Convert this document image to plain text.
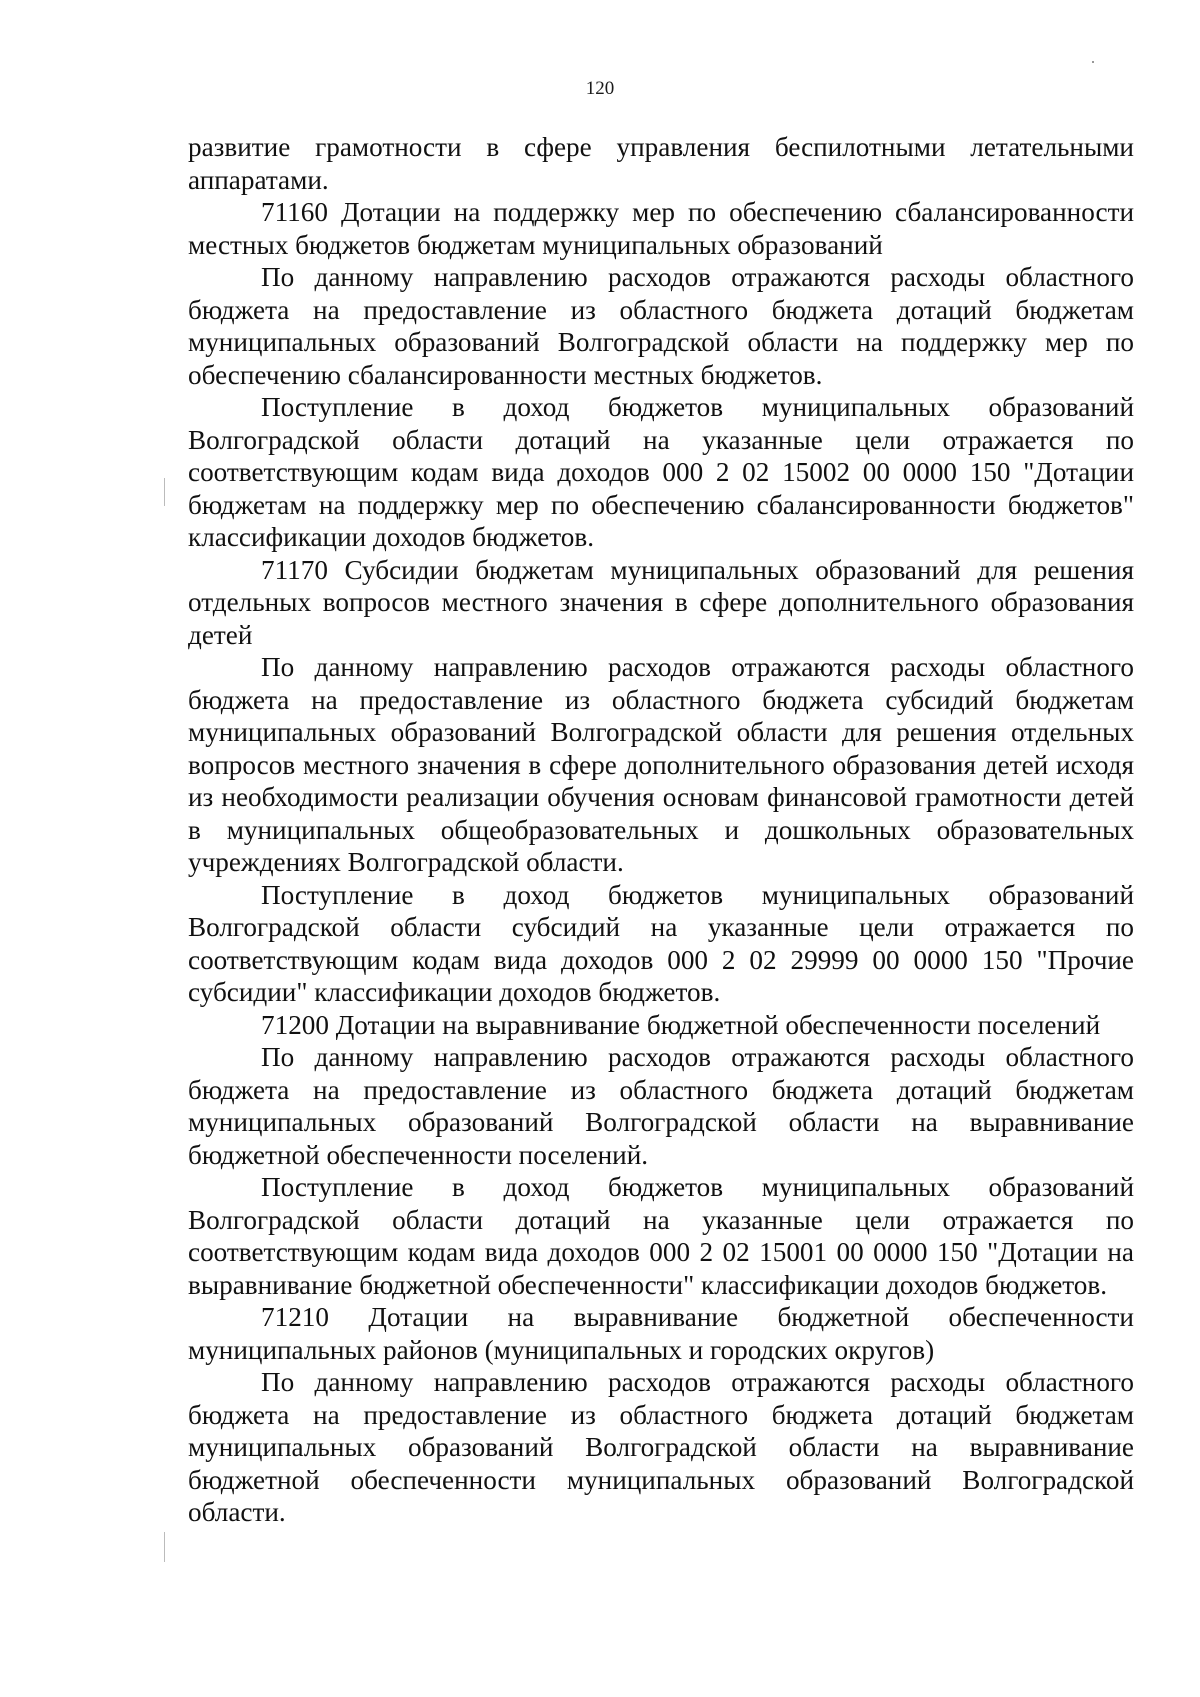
120

развитие грамотности в сфере управления беспилотными летательными аппаратами.

71160 Дотации на поддержку мер по обеспечению сбалансированности местных бюджетов бюджетам муниципальных образований

По данному направлению расходов отражаются расходы областного бюджета на предоставление из областного бюджета дотаций бюджетам муниципальных образований Волгоградской области на поддержку мер по обеспечению сбалансированности местных бюджетов.

Поступление в доход бюджетов муниципальных образований Волгоградской области дотаций на указанные цели отражается по соответствующим кодам вида доходов 000 2 02 15002 00 0000 150 "Дотации бюджетам на поддержку мер по обеспечению сбалансированности бюджетов" классификации доходов бюджетов.

71170 Субсидии бюджетам муниципальных образований для решения отдельных вопросов местного значения в сфере дополнительного образования детей

По данному направлению расходов отражаются расходы областного бюджета на предоставление из областного бюджета субсидий бюджетам муниципальных образований Волгоградской области для решения отдельных вопросов местного значения в сфере дополнительного образования детей исходя из необходимости реализации обучения основам финансовой грамотности детей в муниципальных общеобразовательных и дошкольных образовательных учреждениях Волгоградской области.

Поступление в доход бюджетов муниципальных образований Волгоградской области субсидий на указанные цели отражается по соответствующим кодам вида доходов 000 2 02 29999 00 0000 150 "Прочие субсидии" классификации доходов бюджетов.

71200 Дотации на выравнивание бюджетной обеспеченности поселений

По данному направлению расходов отражаются расходы областного бюджета на предоставление из областного бюджета дотаций бюджетам муниципальных образований Волгоградской области на выравнивание бюджетной обеспеченности поселений.

Поступление в доход бюджетов муниципальных образований Волгоградской области дотаций на указанные цели отражается по соответствующим кодам вида доходов 000 2 02 15001 00 0000 150 "Дотации на выравнивание бюджетной обеспеченности" классификации доходов бюджетов.

71210 Дотации на выравнивание бюджетной обеспеченности муниципальных районов (муниципальных и городских округов)

По данному направлению расходов отражаются расходы областного бюджета на предоставление из областного бюджета дотаций бюджетам муниципальных образований Волгоградской области на выравнивание бюджетной обеспеченности муниципальных образований Волгоградской области.
